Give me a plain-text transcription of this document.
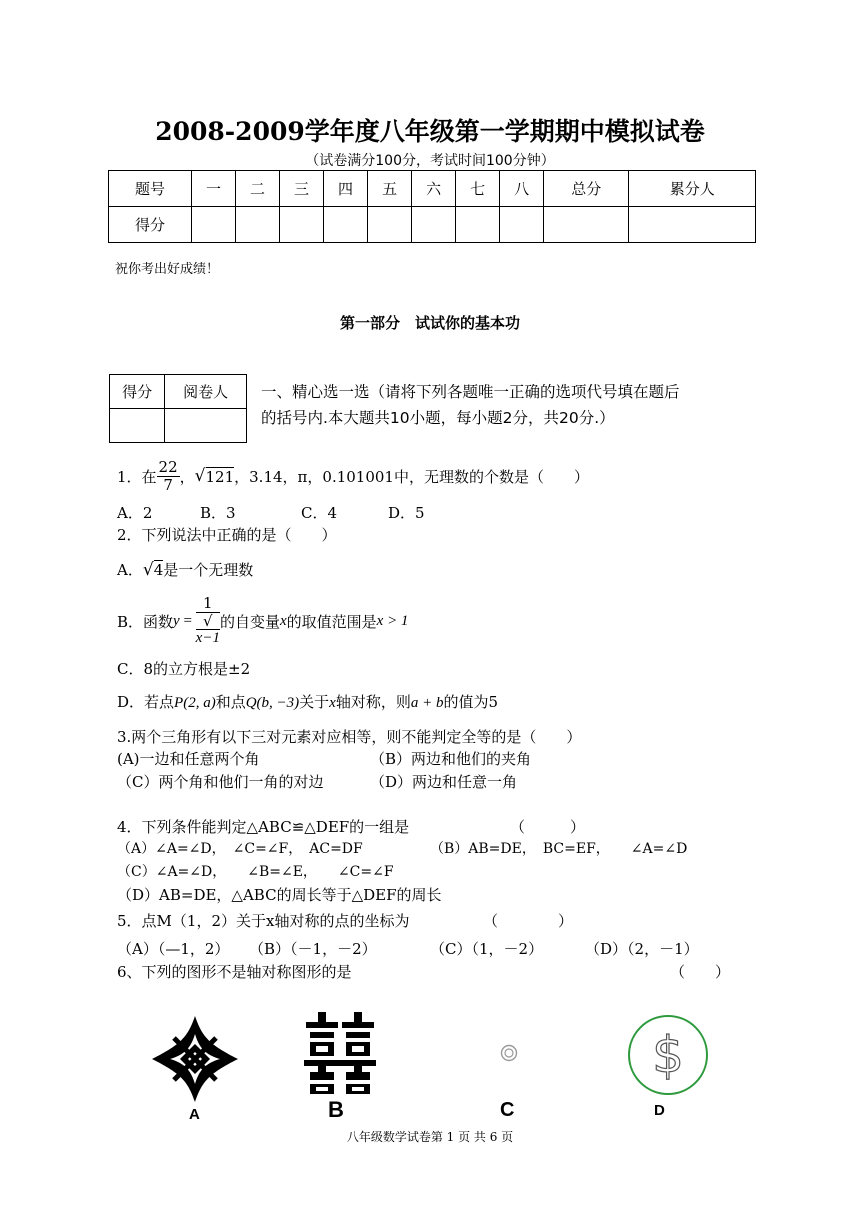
2008-2009学年度八年级第一学期期中模拟试卷
（试卷满分100分，考试时间100分钟）
题号	一	二	三	四	五	六	七	八	总分	累分人
得分										
祝你考出好成绩！
第一部分　试试你的基本功
得分	阅卷人
	一、精心选一选（请将下列各题唯一正确的选项代号填在题后
的括号内.本大题共10小题，每小题2分，共20分.）
1．在 $\frac{22}{7}$ ， √ 121 ，3.14，π，0.101001中，无理数的个数是（　　）
A．2	B．3	C．4	D．5
2．下列说法中正确的是（　　）
A．√4是一个无理数
B．函数 y = 1
√
x−1 的自变量 x 的取值范围是 x > 1
C．8的立方根是±2
D．若点P(2, a)和点Q(b, −3)关于x轴对称，则a + b的值为5
3.两个三角形有以下三对元素对应相等，则不能判定全等的是（　　）
(A)一边和任意两个角	（B）两边和他们的夹角
（C）两个角和他们一角的对边	（D）两边和任意一角
4．下列条件能判定△ABC≌△DEF的一组是	（　　　）
（A）∠A=∠D，　∠C=∠F，　AC=DF	（B）AB=DE，　BC=EF，　　∠A=∠D
（C）∠A=∠D，　　∠B=∠E，　　∠C=∠F
（D）AB=DE，△ABC的周长等于△DEF的周长
5．点M（1，2）关于x轴对称的点的坐标为	（　　　　）
（A）（—1，2） （B）（－1，－2）	（C）（1，－2）	（D）（2，－1）
6、下列的图形不是轴对称图形的是	（　　）
A	B	C
$
D
八年级数学试卷第 1 页 共 6 页
